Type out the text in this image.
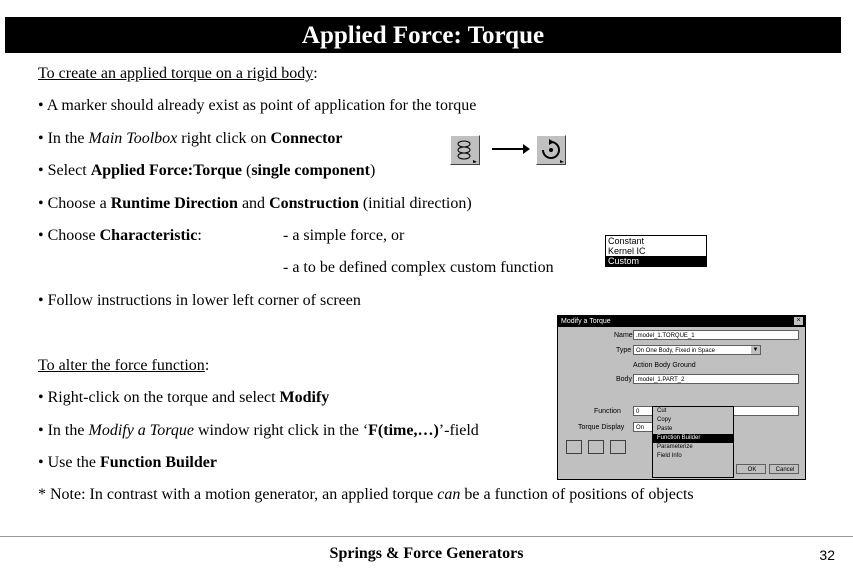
Applied Force: Torque
To create an applied torque on a rigid body:
• A marker should already exist as point of application for the torque
• In the Main Toolbox right click on Connector
• Select Applied Force:Torque (single component)
• Choose a Runtime Direction and Construction (initial direction)
• Choose Characteristic:	- a simple force, or
- a to be defined complex custom function
• Follow instructions in lower left corner of screen
Constant
Kernel IC
Custom
To alter the force function:
• Right-click on the torque and select Modify
• In the Modify a Torque window right click in the ‘F(time,…)’-field
• Use the Function Builder
* Note: In contrast with a motion generator, an applied torque can be a function of positions of objects
Modify a Torque	×
Name .model_1.TORQUE_1
Type On One Body, Fixed in Space	▼
Action Body Ground
Body .model_1.PART_2
Function	0
Torque Display	On
OK	Cancel
Cut
Copy
Paste
Function Builder
Parameterize
Field Info
Springs & Force Generators	32
